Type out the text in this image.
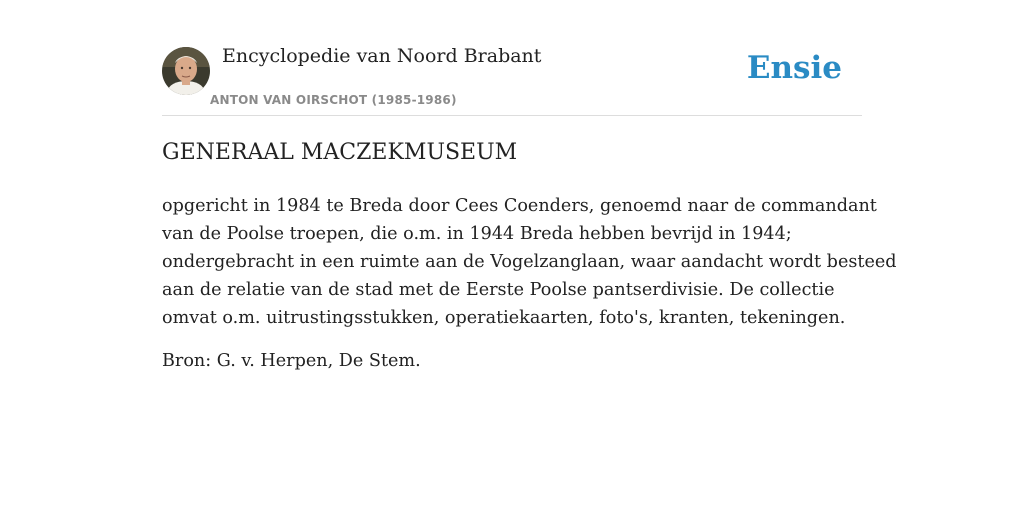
Encyclopedie van Noord Brabant
ANTON VAN OIRSCHOT (1985-1986)
Ensie
GENERAAL MACZEKMUSEUM

opgericht in 1984 te Breda door Cees Coenders, genoemd naar de commandant
van de Poolse troepen, die o.m. in 1944 Breda hebben bevrijd in 1944;
ondergebracht in een ruimte aan de Vogelzanglaan, waar aandacht wordt besteed
aan de relatie van de stad met de Eerste Poolse pantserdivisie. De collectie
omvat o.m. uitrustingsstukken, operatiekaarten, foto's, kranten, tekeningen.

Bron: G. v. Herpen, De Stem.
